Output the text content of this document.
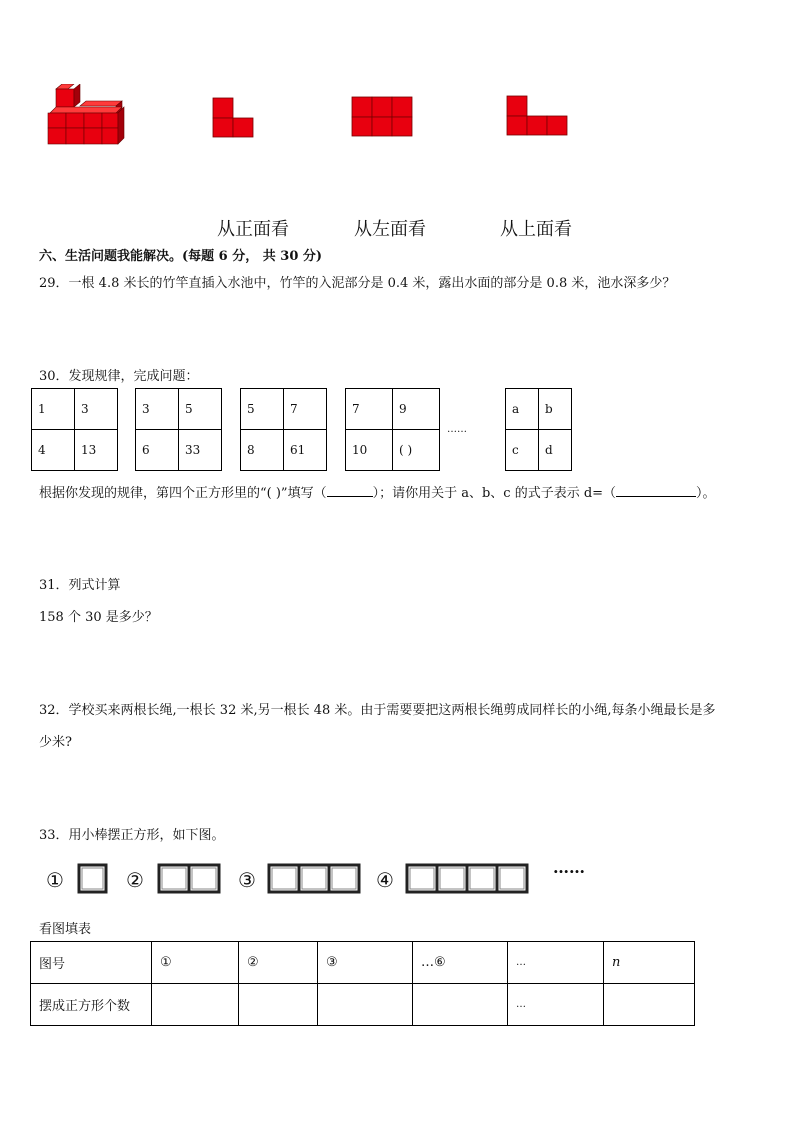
从正面看	从左面看	从上面看
六、生活问题我能解决。(每题 6 分， 共 30 分)
29．一根 4.8 米长的竹竿直插入水池中，竹竿的入泥部分是 0.4 米，露出水面的部分是 0.8 米，池水深多少？
30．发现规律，完成问题：
1	3
4	13
3	5
6	33
5	7
8	61
7	9
10	( )
……
a	b
c	d
根据你发现的规律，第四个正方形里的“( )”填写（	）；请你用关于 a、b、c 的式子表示 d=（	）。
31．列式计算
158 个 30 是多少？
32．学校买来两根长绳,一根长 32 米,另一根长 48 米。由于需要要把这两根长绳剪成同样长的小绳,每条小绳最长是多
少米?
33．用小棒摆正方形，如下图。
①	②	③	④
……
看图填表
图号	①	②	③	…⑥	…	n
摆成正方形个数					…	
